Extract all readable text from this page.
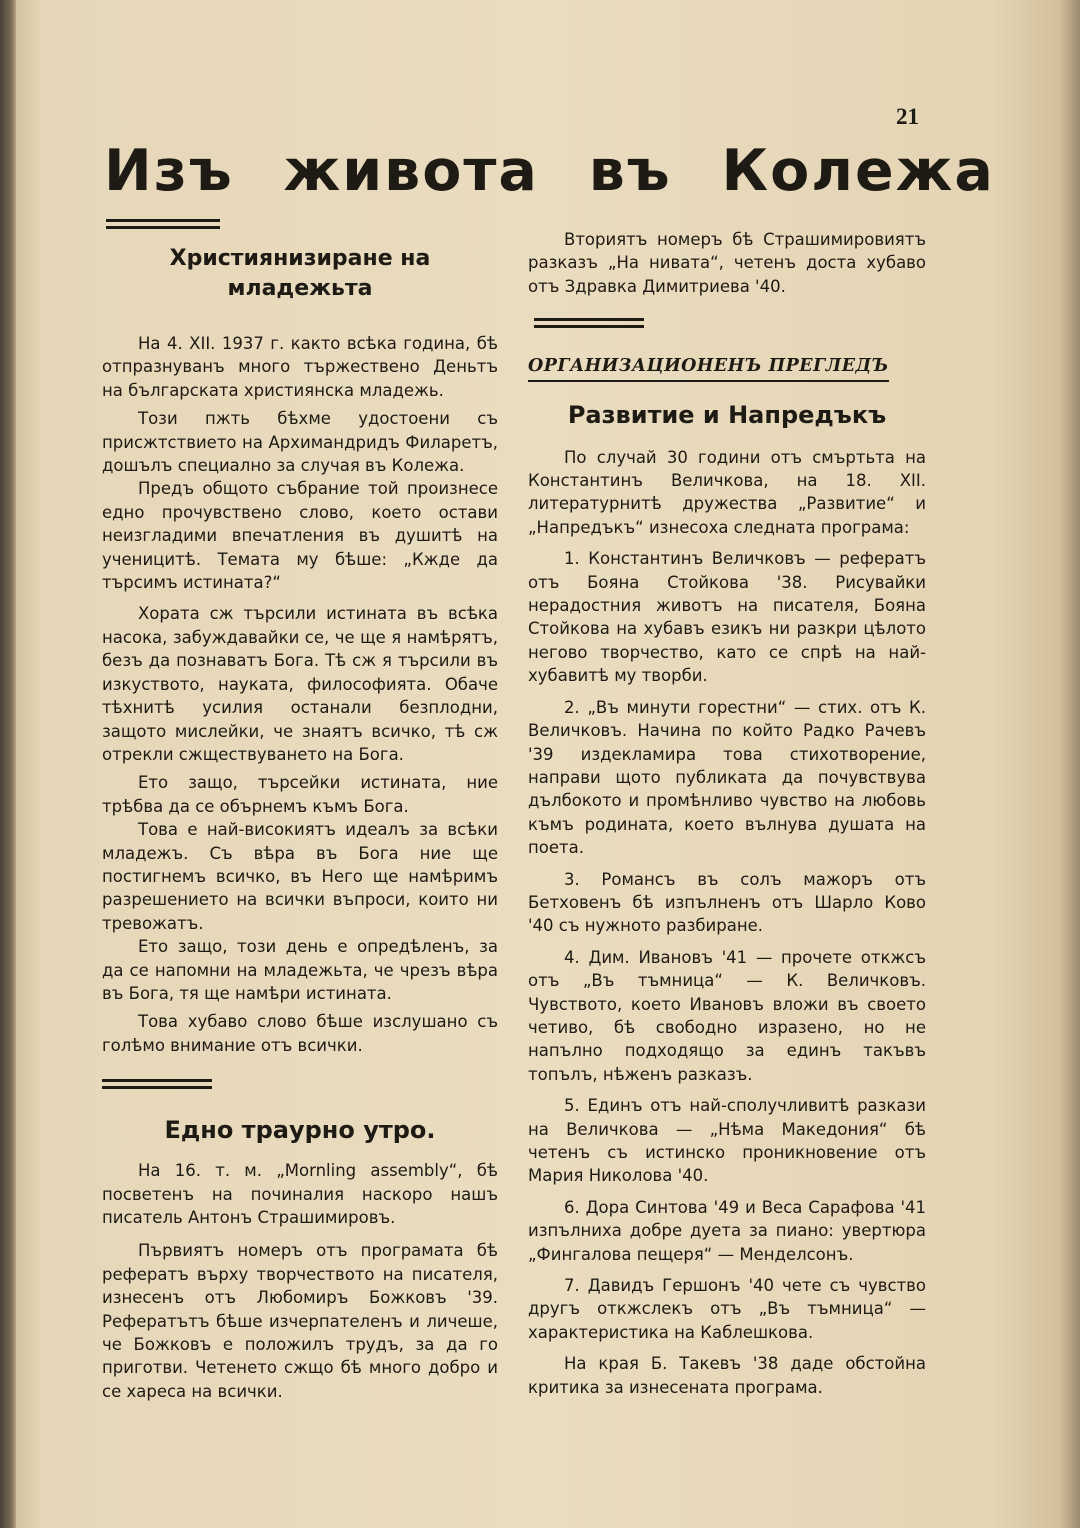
21
Изъ живота въ Колежа
Християнизиране на младежьта

На 4. XII. 1937 г. както всѣка година, бѣ отпразнуванъ много тържествено Деньтъ на българската християнска младежь.

Този пжть бѣхме удостоени съ присжтствието на Архимандридъ Филаретъ, дошълъ специално за случая въ Колежа.

Предъ общото събрание той произнесе едно прочувствено слово, което остави неизгладими впечатления въ душитѣ на ученицитѣ. Темата му бѣше: „Кжде да търсимъ истината?“

Хората сж търсили истината въ всѣка насока, забуждавайки се, че ще я намѣрятъ, безъ да познаватъ Бога. Тѣ сж я търсили въ изкуството, науката, философията. Обаче тѣхнитѣ усилия останали безплодни, защото мислейки, че знаятъ всичко, тѣ сж отрекли сжществуването на Бога.

Ето защо, търсейки истината, ние трѣбва да се обърнемъ къмъ Бога.

Това е най-високиятъ идеалъ за всѣки младежъ. Съ вѣра въ Бога ние ще постигнемъ всичко, въ Него ще намѣримъ разрешението на всички въпроси, които ни тревожатъ.

Ето защо, този день е опредѣленъ, за да се напомни на младежьта, че чрезъ вѣра въ Бога, тя ще намѣри истината.

Това хубаво слово бѣше изслушано съ голѣмо внимание отъ всички.

Едно траурно утро.

На 16. т. м. „Mornling assembly“, бѣ посветенъ на починалия наскоро нашъ писатель Антонъ Страшимировъ.

Първиятъ номеръ отъ програмата бѣ рефератъ върху творчеството на писателя, изнесенъ отъ Любомиръ Божковъ '39. Рефератътъ бѣше изчерпателенъ и личеше, че Божковъ е положилъ трудъ, за да го приготви. Четенето сжщо бѣ много добро и се хареса на всички.

Вториятъ номеръ бѣ Страшимировиятъ разказъ „На нивата“, четенъ доста хубаво отъ Здравка Димитриева '40.

ОРГАНИЗАЦИОНЕНЪ ПРЕГЛЕДЪ
Развитие и Напредъкъ

По случай 30 години отъ смъртьта на Константинъ Величкова, на 18. XII. литературнитѣ дружества „Развитие“ и „Напредъкъ“ изнесоха следната програма:

1. Константинъ Величковъ — рефератъ отъ Бояна Стойкова '38. Рисувайки нерадостния животъ на писателя, Бояна Стойкова на хубавъ езикъ ни разкри цѣлото негово творчество, като се спрѣ на най-хубавитѣ му творби.

2. „Въ минути горестни“ — стих. отъ К. Величковъ. Начина по който Радко Рачевъ '39 издекламира това стихотворение, направи щото публиката да почувствува дълбокото и промѣнливо чувство на любовь къмъ родината, което вълнува душата на поета.

3. Романсъ въ солъ мажоръ отъ Бетховенъ бѣ изпълненъ отъ Шарло Ково '40 съ нужното разбиране.

4. Дим. Ивановъ '41 — прочете откжсъ отъ „Въ тъмница“ — К. Величковъ. Чувството, което Ивановъ вложи въ своето четиво, бѣ свободно изразено, но не напълно подходящо за единъ такъвъ топълъ, нѣженъ разказъ.

5. Единъ отъ най-сполучливитѣ разкази на Величкова — „Нѣма Македония“ бѣ четенъ съ истинско проникновение отъ Мария Николова '40.

6. Дора Синтова '49 и Веса Сарафова '41 изпълниха добре дуета за пиано: увертюра „Фингалова пещеря“ — Менделсонъ.

7. Давидъ Гершонъ '40 чете съ чувство другъ откжслекъ отъ „Въ тъмница“ — характеристика на Каблешкова.

На края Б. Такевъ '38 даде обстойна критика за изнесената програма.
